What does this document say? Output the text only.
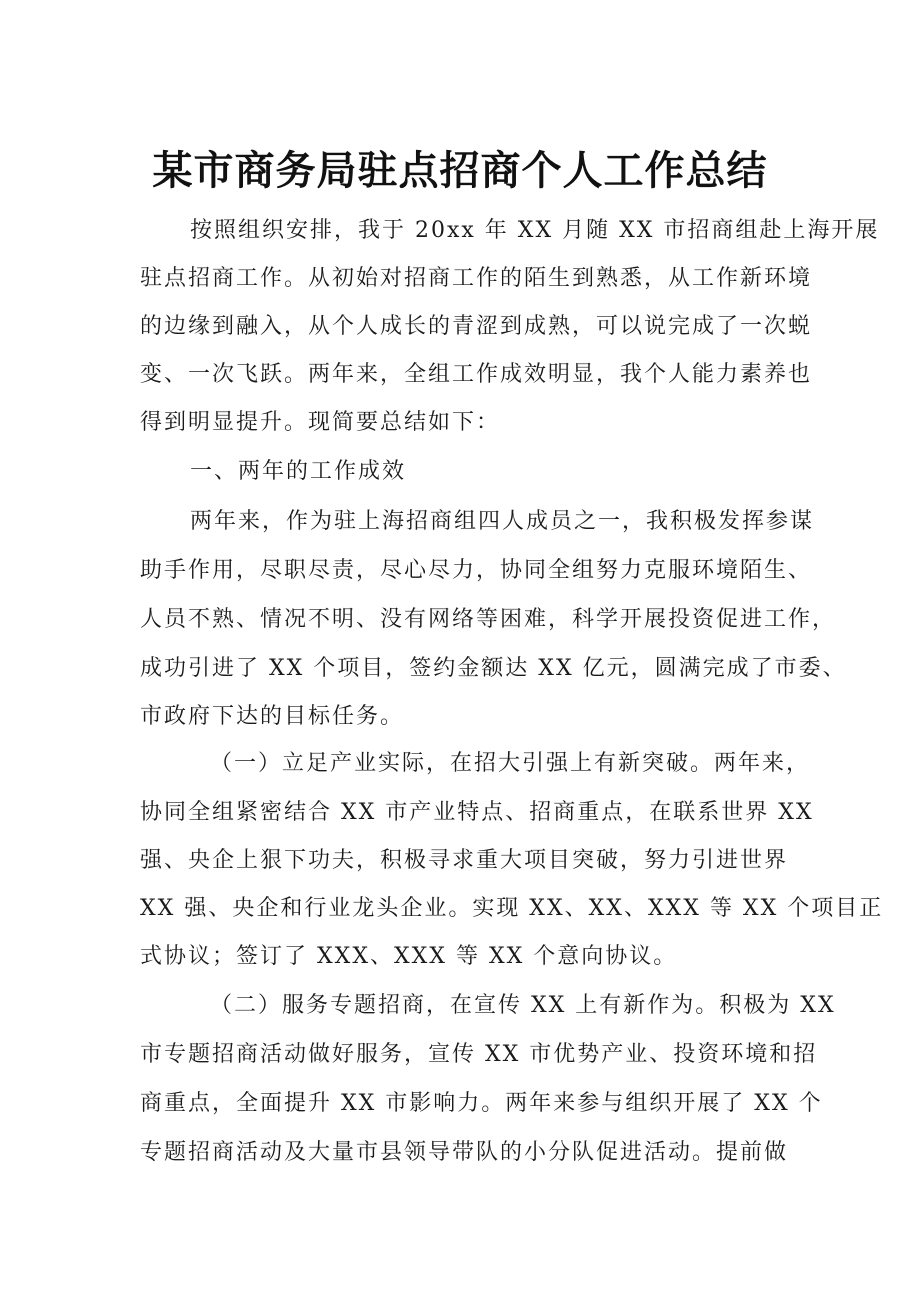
某市商务局驻点招商个人工作总结
按照组织安排，我于 20xx 年 XX 月随 XX 市招商组赴上海开展
驻点招商工作。从初始对招商工作的陌生到熟悉，从工作新环境
的边缘到融入，从个人成长的青涩到成熟，可以说完成了一次蜕
变、一次飞跃。两年来，全组工作成效明显，我个人能力素养也
得到明显提升。现简要总结如下：
一、两年的工作成效
两年来，作为驻上海招商组四人成员之一，我积极发挥参谋
助手作用，尽职尽责，尽心尽力，协同全组努力克服环境陌生、
人员不熟、情况不明、没有网络等困难，科学开展投资促进工作，
成功引进了 XX 个项目，签约金额达 XX 亿元，圆满完成了市委、
市政府下达的目标任务。
（一）立足产业实际，在招大引强上有新突破。两年来，
协同全组紧密结合 XX 市产业特点、招商重点，在联系世界 XX
强、央企上狠下功夫，积极寻求重大项目突破，努力引进世界
XX 强、央企和行业龙头企业。实现 XX、XX、XXX 等 XX 个项目正
式协议；签订了 XXX、XXX 等 XX 个意向协议。
（二）服务专题招商，在宣传 XX 上有新作为。积极为 XX
市专题招商活动做好服务，宣传 XX 市优势产业、投资环境和招
商重点，全面提升 XX 市影响力。两年来参与组织开展了 XX 个
专题招商活动及大量市县领导带队的小分队促进活动。提前做
